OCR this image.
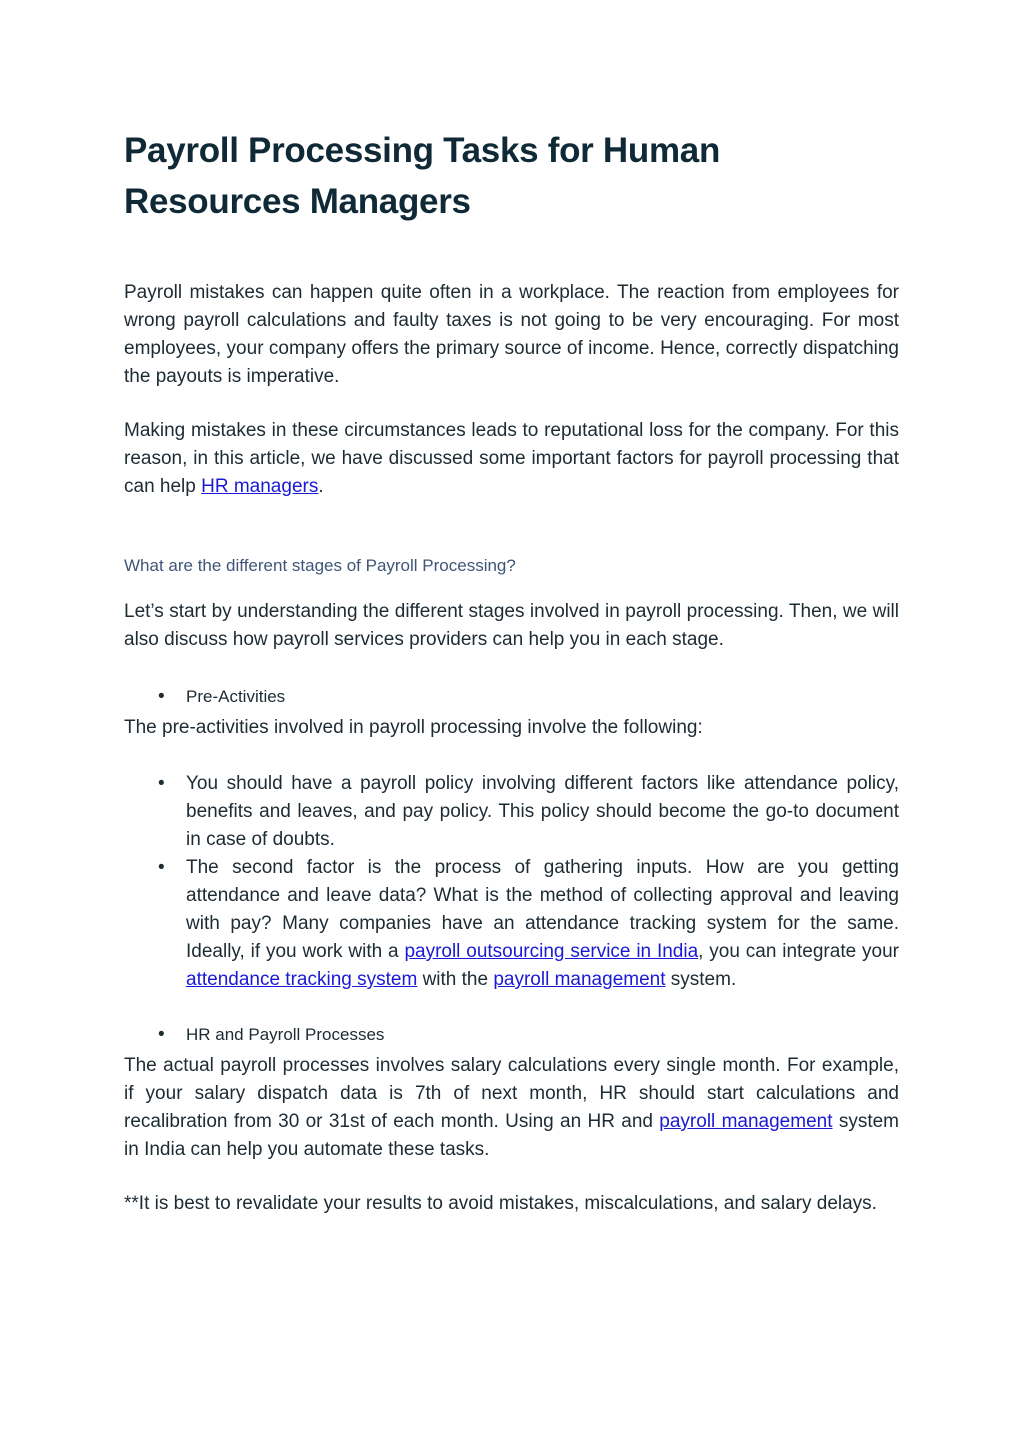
Payroll Processing Tasks for Human Resources Managers

Payroll mistakes can happen quite often in a workplace. The reaction from employees for wrong payroll calculations and faulty taxes is not going to be very encouraging. For most employees, your company offers the primary source of income. Hence, correctly dispatching the payouts is imperative.

Making mistakes in these circumstances leads to reputational loss for the company. For this reason, in this article, we have discussed some important factors for payroll processing that can help HR managers.

What are the different stages of Payroll Processing?

Let’s start by understanding the different stages involved in payroll processing. Then, we will also discuss how payroll services providers can help you in each stage.

• Pre-Activities

The pre-activities involved in payroll processing involve the following:

• You should have a payroll policy involving different factors like attendance policy, benefits and leaves, and pay policy. This policy should become the go-to document in case of doubts.
• The second factor is the process of gathering inputs. How are you getting attendance and leave data? What is the method of collecting approval and leaving with pay? Many companies have an attendance tracking system for the same. Ideally, if you work with a payroll outsourcing service in India, you can integrate your attendance tracking system with the payroll management system.
• HR and Payroll Processes

The actual payroll processes involves salary calculations every single month. For example, if your salary dispatch data is 7th of next month, HR should start calculations and recalibration from 30 or 31st of each month. Using an HR and payroll management system in India can help you automate these tasks.

**It is best to revalidate your results to avoid mistakes, miscalculations, and salary delays.
